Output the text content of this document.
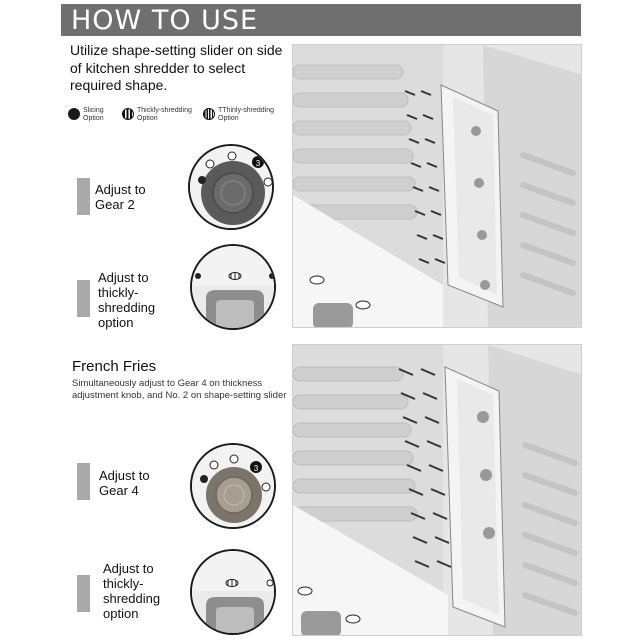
HOW TO USE
Utilize shape-setting slider on side of kitchen shredder to select required shape.
Slicing Option
Thickly-shredding Option
TThinly-shredding Option
Adjust to Gear 2
3
Adjust to thickly-shredding option
French Fries
Simultaneously adjust to Gear 4 on thickness adjustment knob, and No. 2 on shape-setting slider
Adjust to Gear 4
3
Adjust to thickly-shredding option
